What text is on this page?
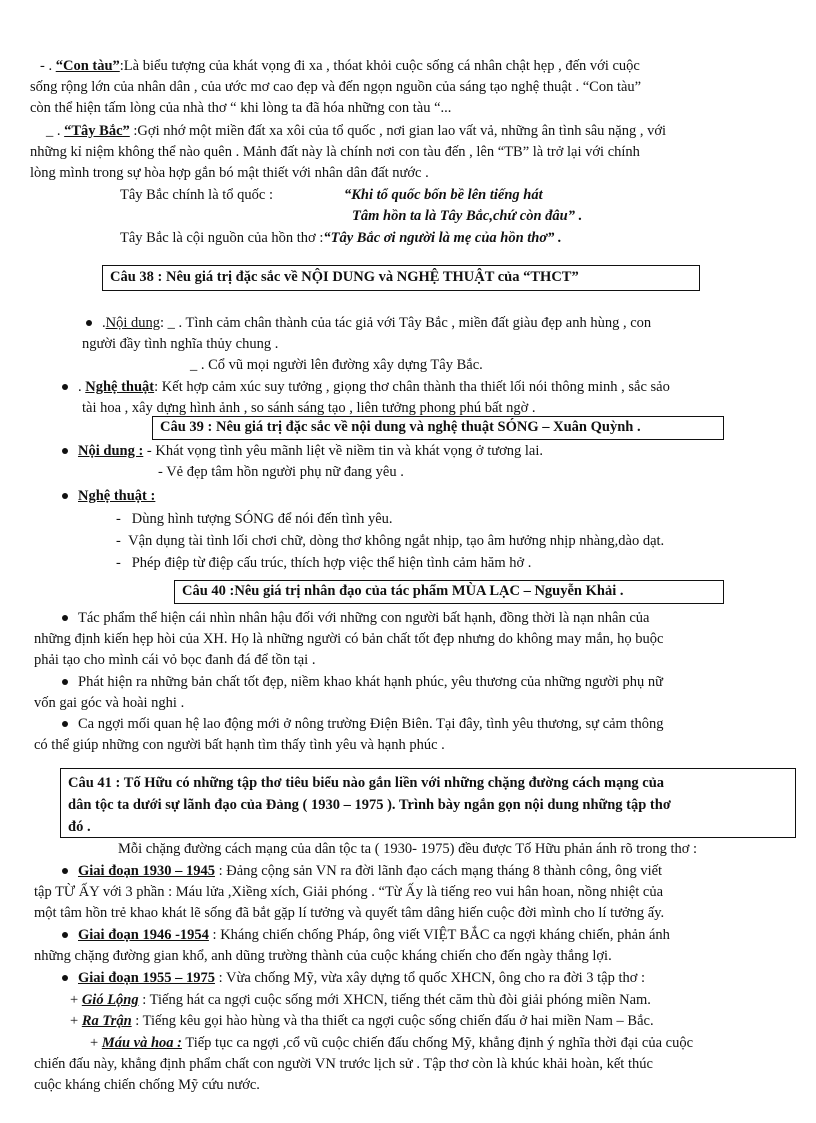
- . “Con tàu”:Là biểu tượng của khát vọng đi xa , thóat khỏi cuộc sống cá nhân chật hẹp , đến với cuộc
sống rộng lớn của nhân dân , của ước mơ cao đẹp và đến ngọn nguồn của sáng tạo nghệ thuật . “Con tàu”
còn thể hiện tấm lòng của nhà thơ “ khi lòng ta đã hóa những con tàu “...
_ . “Tây Bắc” :Gợi nhớ một miền đất xa xôi của tổ quốc , nơi gian lao vất vả, những ân tình sâu nặng , với
những kỉ niệm không thể nào quên . Mảnh đất này là chính nơi con tàu đến , lên “TB” là trở lại với chính
lòng mình trong sự hòa hợp gắn bó mật thiết với nhân dân đất nước .
Tây Bắc chính là tổ quốc :	“Khi tổ quốc bốn bề lên tiếng hát
Tâm hồn ta là Tây Bắc,chứ còn đâu” .
Tây Bắc là cội nguồn của hồn thơ :“Tây Bắc ơi người là mẹ của hồn thơ” .
Câu 38 : Nêu giá trị đặc sắc về NỘI DUNG và NGHỆ THUẬT của “THCT”
.Nội dung: _ . Tình cảm chân thành của tác giả với Tây Bắc , miền đất giàu đẹp anh hùng , con
người đầy tình nghĩa thủy chung .
_ . Cổ vũ mọi người lên đường xây dựng Tây Bắc.
. Nghệ thuật: Kết hợp cảm xúc suy tưởng , giọng thơ chân thành tha thiết lối nói thông minh , sắc sảo
tài hoa , xây dựng hình ảnh , so sánh sáng tạo , liên tưởng phong phú bất ngờ .
Câu 39 : Nêu giá trị đặc sắc về nội dung và nghệ thuật SÓNG – Xuân Quỳnh .
Nội dung : - Khát vọng tình yêu mãnh liệt về niềm tin và khát vọng ở tương lai.
- Vẻ đẹp tâm hồn người phụ nữ đang yêu .
Nghệ thuật :
-   Dùng hình tượng SÓNG để nói đến tình yêu.
-  Vận dụng tài tình lối chơi chữ, dòng thơ không ngắt nhịp, tạo âm hưởng nhịp nhàng,dào dạt.
-   Phép điệp từ điệp cấu trúc, thích hợp việc thể hiện tình cảm hăm hở .
Câu 40 :Nêu giá trị nhân đạo của tác phẩm MÙA LẠC – Nguyễn Khải .
Tác phẩm thể hiện cái nhìn nhân hậu đối với những con người bất hạnh, đồng thời là nạn nhân của
những định kiến hẹp hòi của XH. Họ là những người có bản chất tốt đẹp nhưng do không may mắn, họ buộc
phải tạo cho mình cái vỏ bọc đanh đá để tồn tại .
Phát hiện ra những bản chất tốt đẹp, niềm khao khát hạnh phúc, yêu thương của những người phụ nữ
vốn gai góc và hoài nghi .
Ca ngợi mối quan hệ lao động mới ở nông trường Điện Biên. Tại đây, tình yêu thương, sự cảm thông
có thể giúp những con người bất hạnh tìm thấy tình yêu và hạnh phúc .
Câu 41 : Tố Hữu có những tập thơ tiêu biểu nào gắn liền với những chặng đường cách mạng của
dân tộc ta dưới sự lãnh đạo của Đảng ( 1930 – 1975 ). Trình bày ngắn gọn nội dung những tập thơ
đó .
Mỗi chặng đường cách mạng của dân tộc ta ( 1930- 1975) đều được Tố Hữu phản ánh rõ trong thơ :
Giai đoạn 1930 – 1945 : Đảng cộng sản VN ra đời lãnh đạo cách mạng tháng 8 thành công, ông viết
tập TỪ ẤY với 3 phần : Máu lửa ,Xiềng xích, Giải phóng . “Từ Ấy là tiếng reo vui hân hoan, nồng nhiệt của
một tâm hồn trẻ khao khát lẽ sống đã bắt gặp lí tưởng và quyết tâm dâng hiến cuộc đời mình cho lí tưởng ấy.
Giai đoạn 1946 -1954 : Kháng chiến chống Pháp, ông viết VIỆT BẮC ca ngợi kháng chiến, phản ánh
những chặng đường gian khổ, anh dũng trường thành của cuộc kháng chiến cho đến ngày thắng lợi.
Giai đoạn 1955 – 1975 : Vừa chống Mỹ, vừa xây dựng tổ quốc XHCN, ông cho ra đời 3 tập thơ :
+ Gió Lộng : Tiếng hát ca ngợi cuộc sống mới XHCN, tiếng thét căm thù đòi giải phóng miền Nam.
+ Ra Trận : Tiếng kêu gọi hào hùng và tha thiết ca ngợi cuộc sống chiến đấu ở hai miền Nam – Bắc.
+ Máu và hoa : Tiếp tục ca ngợi ,cổ vũ cuộc chiến đấu chống Mỹ, khẳng định ý nghĩa thời đại của cuộc
chiến đấu này, khẳng định phẩm chất con người VN trước lịch sử . Tập thơ còn là khúc khải hoàn, kết thúc
cuộc kháng chiến chống Mỹ cứu nước.
